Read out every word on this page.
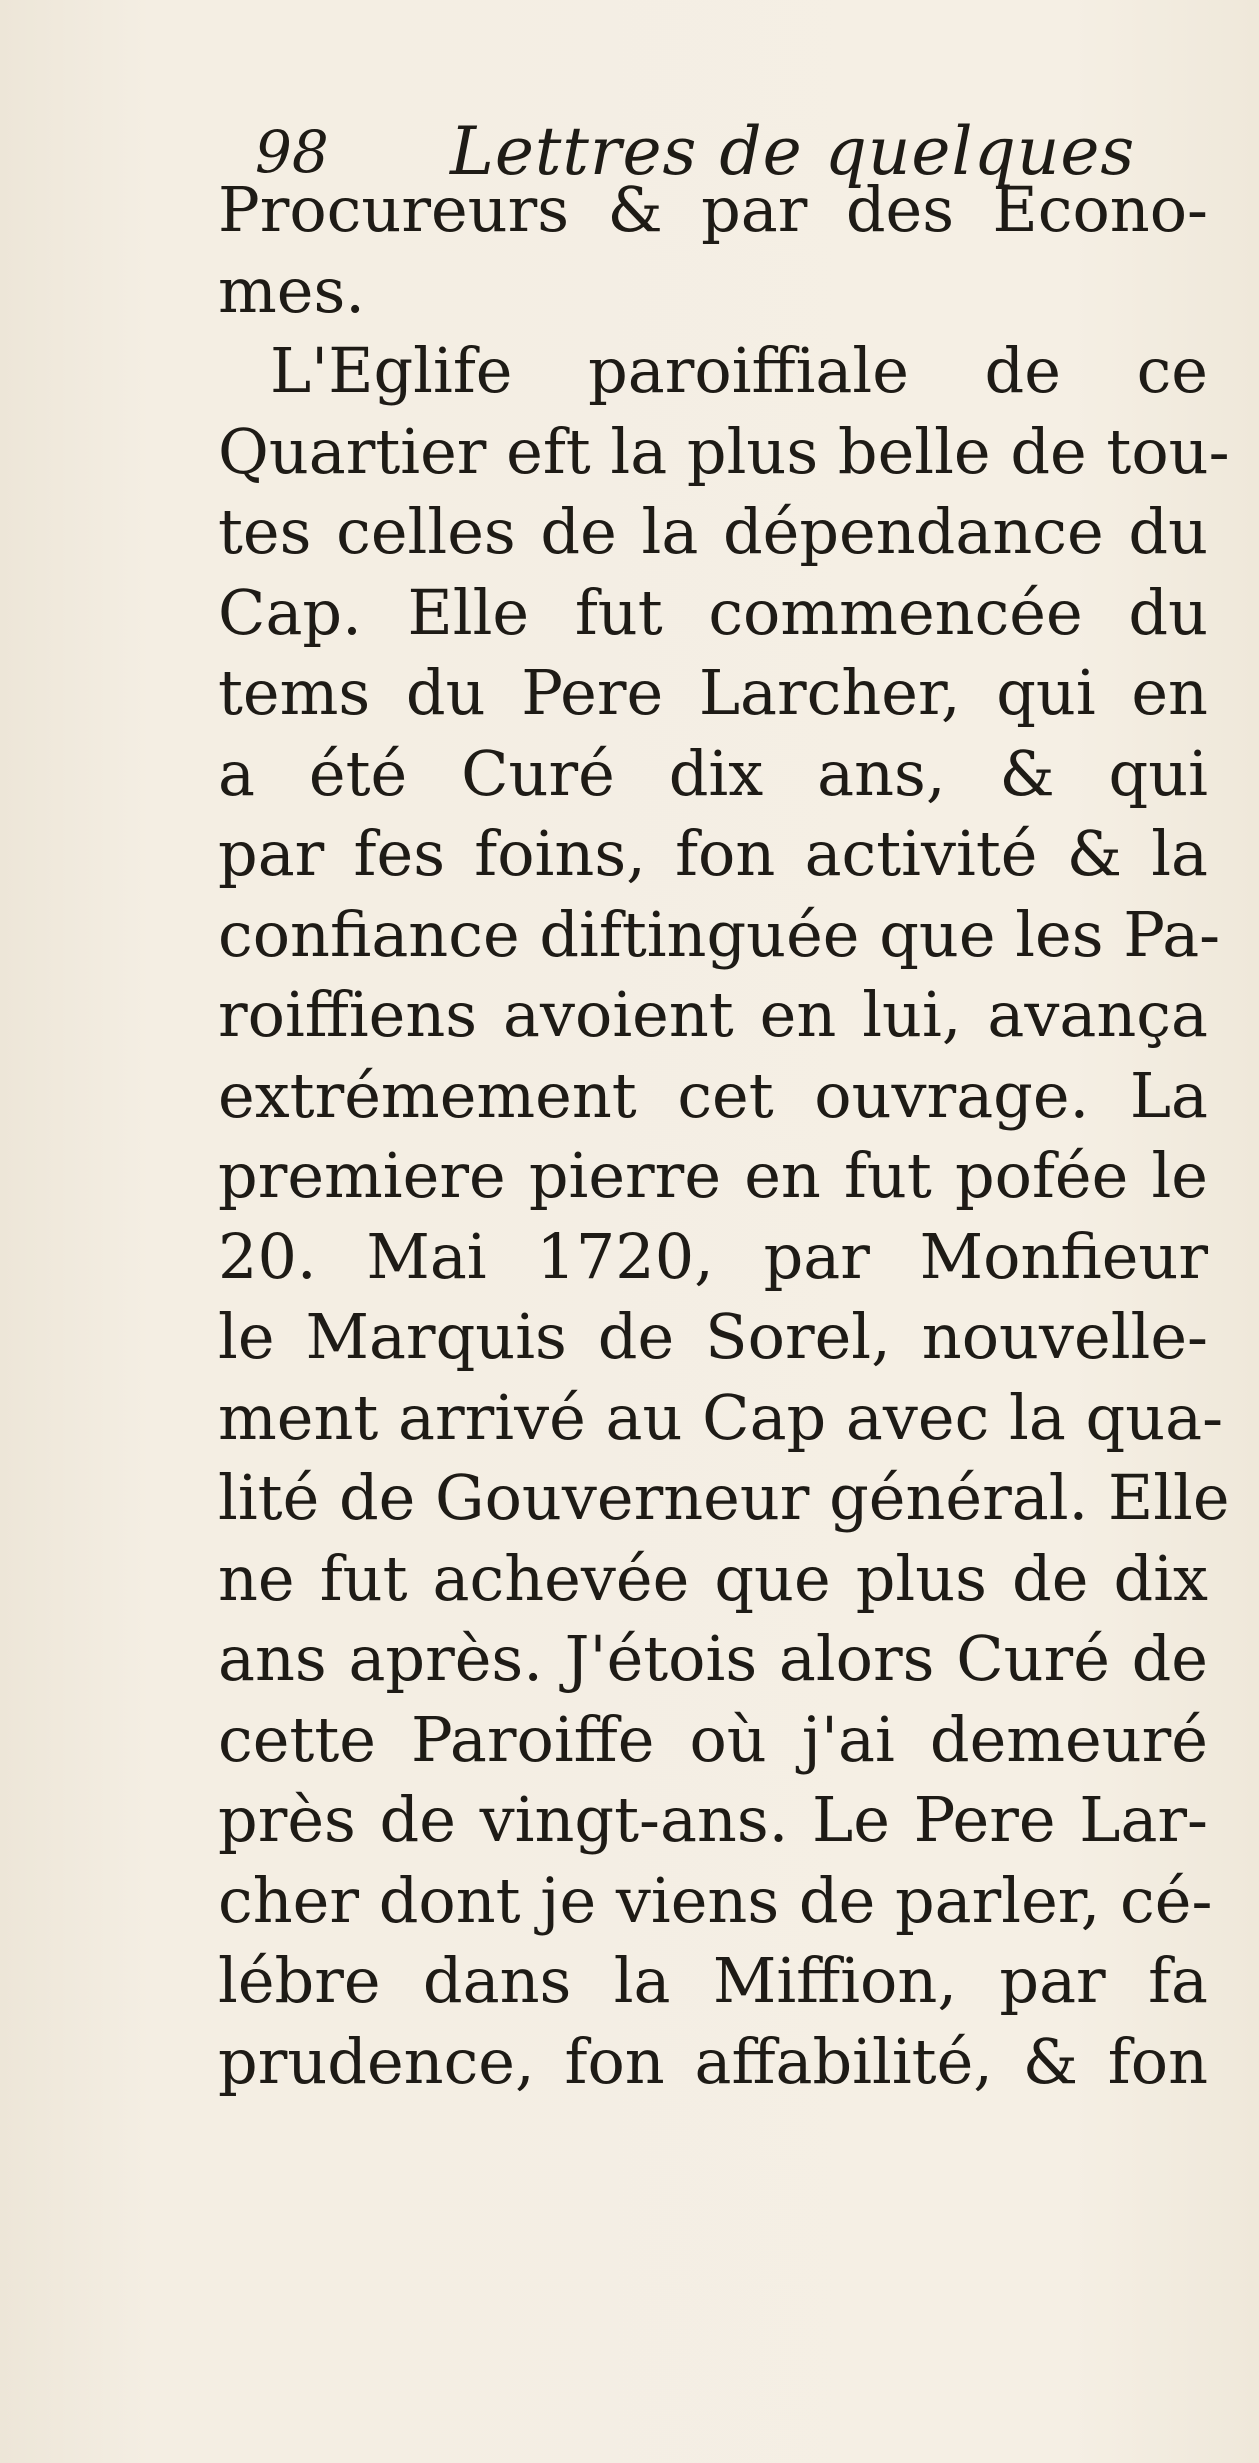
98 Lettres de quelques
Procureurs & par des Econo-
mes.
L'Eglife paroiffiale de ce
Quartier eft la plus belle de tou-
tes celles de la dépendance du
Cap. Elle fut commencée du
tems du Pere Larcher, qui en
a été Curé dix ans, & qui
par fes foins, fon activité & la
confiance diftinguée que les Pa-
roiffiens avoient en lui, avança
extrémement cet ouvrage. La
premiere pierre en fut pofée le
20. Mai 1720, par Monfieur
le Marquis de Sorel, nouvelle-
ment arrivé au Cap avec la qua-
lité de Gouverneur général. Elle
ne fut achevée que plus de dix
ans après. J'étois alors Curé de
cette Paroiffe où j'ai demeuré
près de vingt-ans. Le Pere Lar-
cher dont je viens de parler, cé-
lébre dans la Miffion, par fa
prudence, fon affabilité, & fon
